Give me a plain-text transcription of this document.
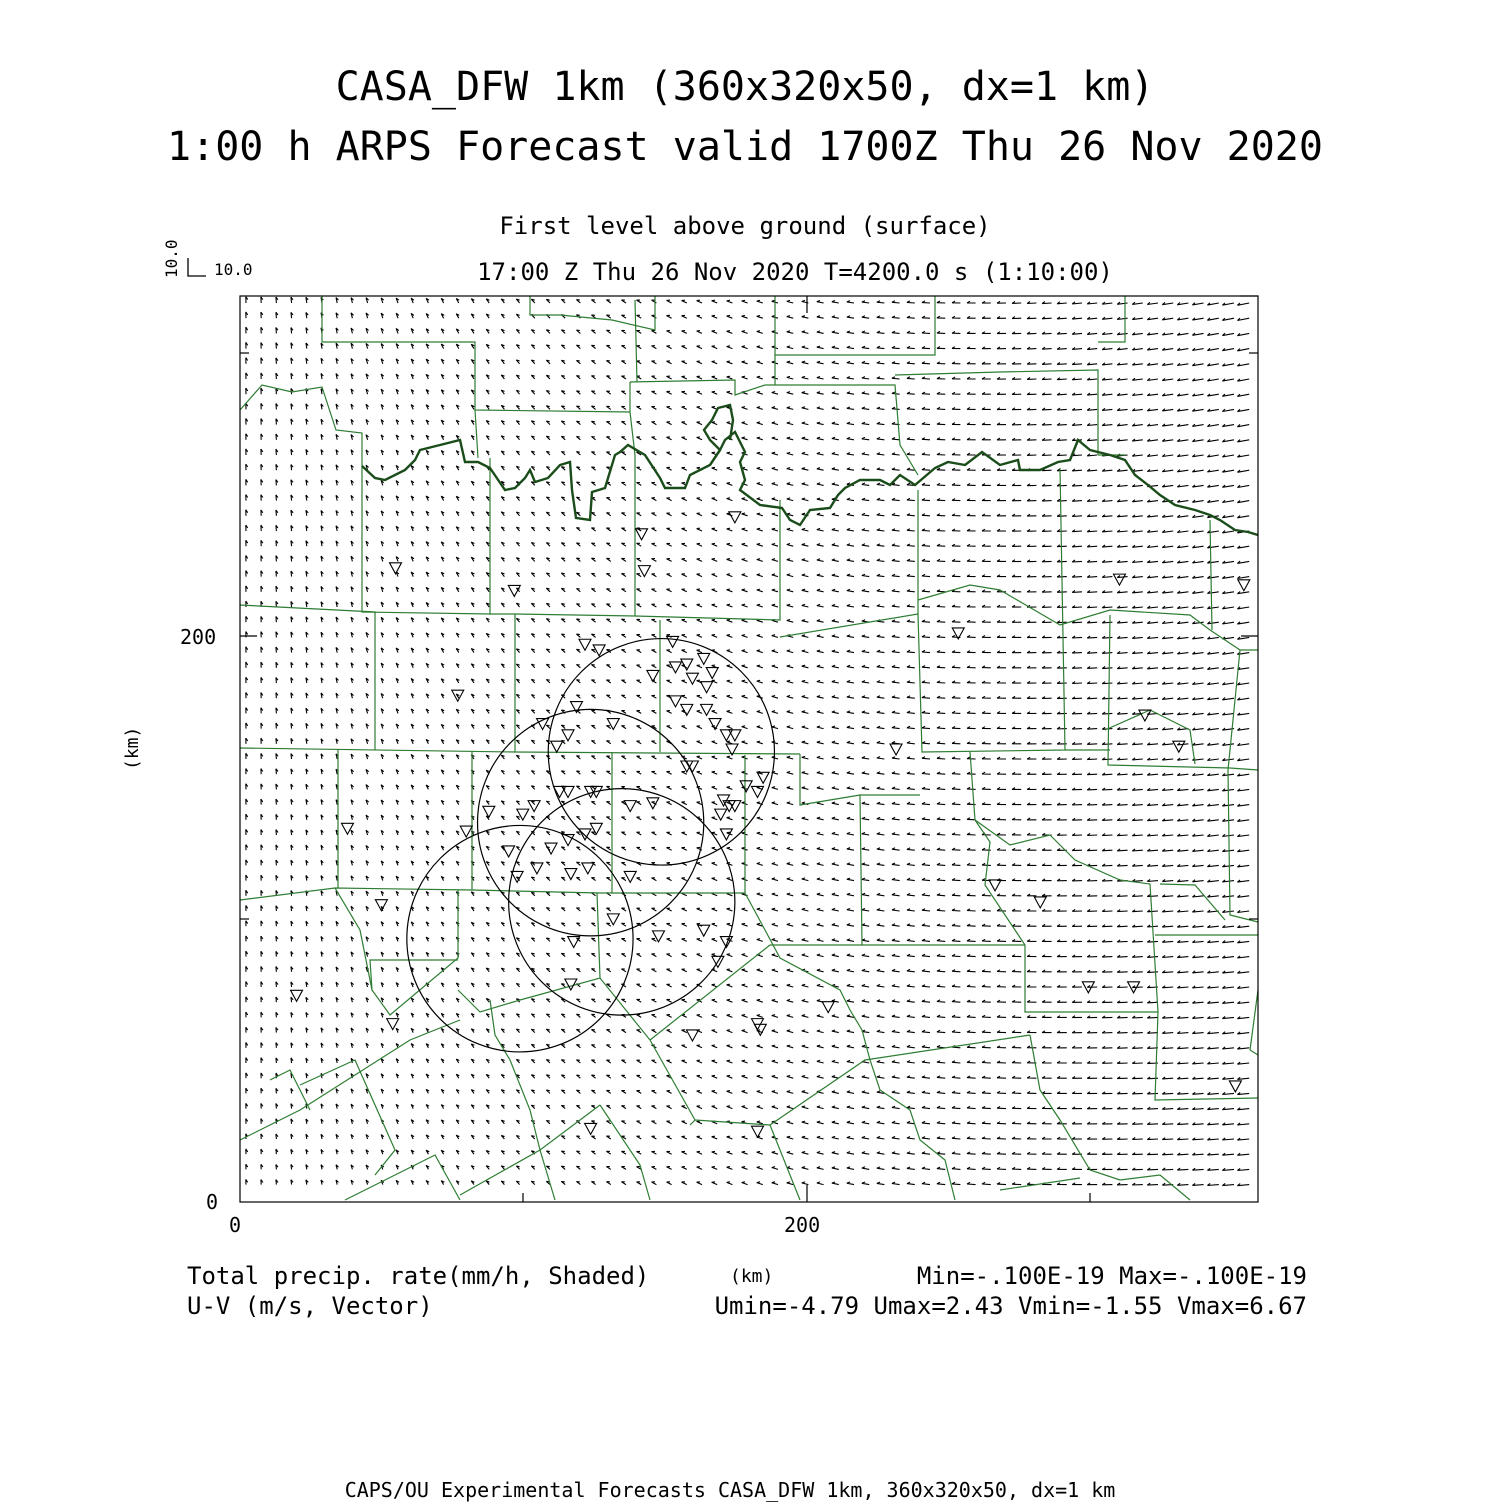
CASA_DFW 1km (360x320x50, dx=1 km)
1:00 h ARPS Forecast valid 1700Z Thu 26 Nov 2020
First level above ground (surface)
17:00 Z Thu 26 Nov 2020 T=4200.0 s (1:10:00)
10.0
10.0
(km)
0	200
0
200
Total precip. rate(mm/h, Shaded)	(km)	Min=-.100E-19 Max=-.100E-19
U-V (m/s, Vector)	Umin=-4.79 Umax=2.43 Vmin=-1.55 Vmax=6.67
CAPS/OU Experimental Forecasts CASA_DFW 1km, 360x320x50, dx=1 km
